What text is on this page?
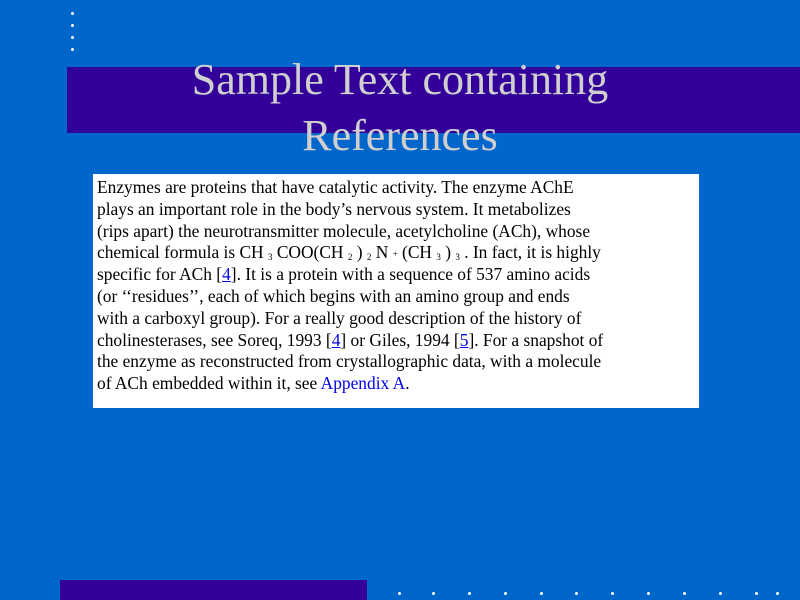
Sample Text containing
References

Enzymes are proteins that have catalytic activity. The enzyme AChE
plays an important role in the body’s nervous system. It metabolizes
(rips apart) the neurotransmitter molecule, acetylcholine (ACh), whose
chemical formula is CH $_3$ COO(CH $_2$ ) $_2$ N + (CH $_3$ ) $_3$ . In fact, it is highly
specific for ACh [4]. It is a protein with a sequence of 537 amino acids
(or ‘‘residues’’, each of which begins with an amino group and ends
with a carboxyl group). For a really good description of the history of
cholinesterases, see Soreq, 1993 [4] or Giles, 1994 [5]. For a snapshot of
the enzyme as reconstructed from crystallographic data, with a molecule
of ACh embedded within it, see Appendix A.
